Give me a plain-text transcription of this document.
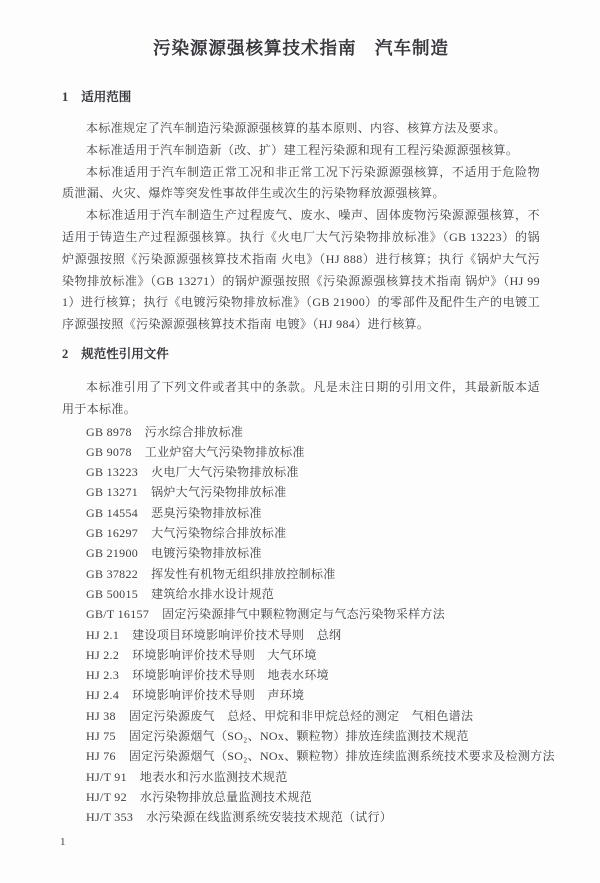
污染源源强核算技术指南　汽车制造
1 适用范围

本标准规定了汽车制造污染源源强核算的基本原则、内容、核算方法及要求。

本标准适用于汽车制造新（改、扩）建工程污染源和现有工程污染源源强核算。

本标准适用于汽车制造正常工况和非正常工况下污染源源强核算，不适用于危险物质泄漏、火灾、爆炸等突发性事故伴生或次生的污染物释放源强核算。

本标准适用于汽车制造生产过程废气、废水、噪声、固体废物污染源源强核算，不适用于铸造生产过程源强核算。执行《火电厂大气污染物排放标准》（GB 13223）的锅炉源强按照《污染源源强核算技术指南 火电》（HJ 888）进行核算；执行《锅炉大气污染物排放标准》（GB 13271）的锅炉源强按照《污染源源强核算技术指南 锅炉》（HJ 991）进行核算；执行《电镀污染物排放标准》（GB 21900）的零部件及配件生产的电镀工序源强按照《污染源源强核算技术指南 电镀》（HJ 984）进行核算。

2 规范性引用文件

本标准引用了下列文件或者其中的条款。凡是未注日期的引用文件，其最新版本适用于本标准。

GB 8978 污水综合排放标准
GB 9078 工业炉窑大气污染物排放标准
GB 13223 火电厂大气污染物排放标准
GB 13271 锅炉大气污染物排放标准
GB 14554 恶臭污染物排放标准
GB 16297 大气污染物综合排放标准
GB 21900 电镀污染物排放标准
GB 37822 挥发性有机物无组织排放控制标准
GB 50015 建筑给水排水设计规范
GB/T 16157 固定污染源排气中颗粒物测定与气态污染物采样方法
HJ 2.1 建设项目环境影响评价技术导则　总纲
HJ 2.2 环境影响评价技术导则　大气环境
HJ 2.3 环境影响评价技术导则　地表水环境
HJ 2.4 环境影响评价技术导则　声环境
HJ 38 固定污染源废气　总烃、甲烷和非甲烷总烃的测定　气相色谱法
HJ 75 固定污染源烟气（SO₂、NOx、颗粒物）排放连续监测技术规范
HJ 76 固定污染源烟气（SO₂、NOx、颗粒物）排放连续监测系统技术要求及检测方法
HJ/T 91 地表水和污水监测技术规范
HJ/T 92 水污染物排放总量监测技术规范
HJ/T 353 水污染源在线监测系统安装技术规范（试行）
1
